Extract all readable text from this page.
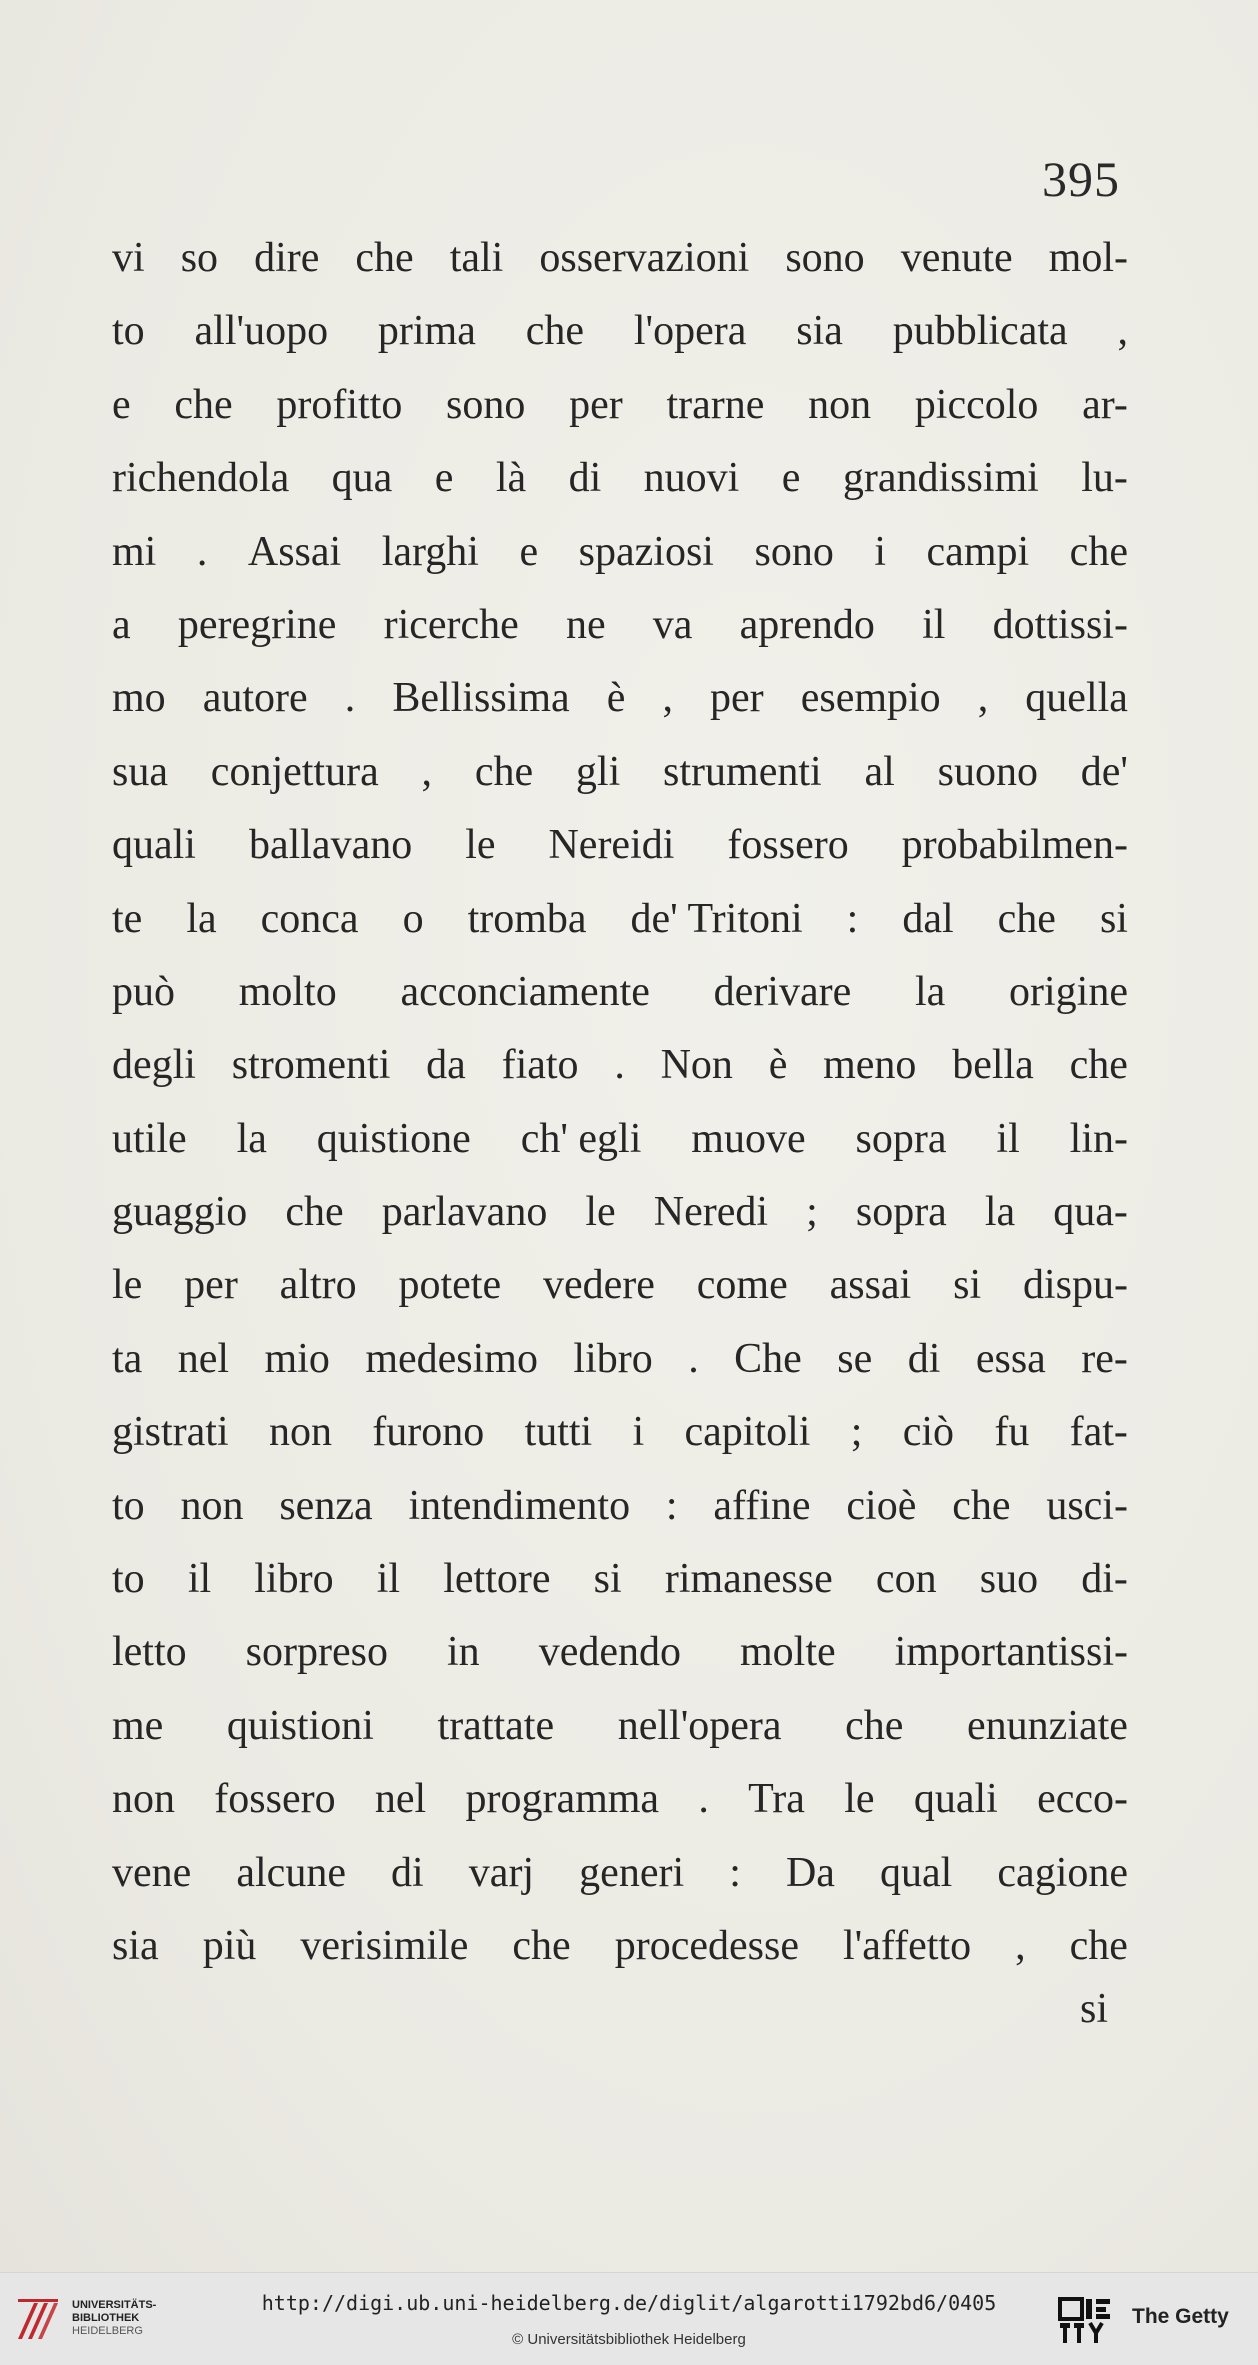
395
vi so dire che tali osservazioni sono venute mol-
to all'uopo prima che l'opera sia pubblicata ,
e che profitto sono per trarne non piccolo ar-
richendola qua e là di nuovi e grandissimi lu-
mi . Assai larghi e spaziosi sono i campi che
a peregrine ricerche ne va aprendo il dottissi-
mo autore . Bellissima è , per esempio , quella
sua conjettura , che gli strumenti al suono de'
quali ballavano le Nereidi fossero probabilmen-
te la conca o tromba de' Tritoni : dal che si
può molto acconciamente derivare la origine
degli stromenti da fiato . Non è meno bella che
utile la quistione ch' egli muove sopra il lin-
guaggio che parlavano le Neredi ; sopra la qua-
le per altro potete vedere come assai si dispu-
ta nel mio medesimo libro . Che se di essa re-
gistrati non furono tutti i capitoli ; ciò fu fat-
to non senza intendimento : affine cioè che usci-
to il libro il lettore si rimanesse con suo di-
letto sorpreso in vedendo molte importantissi-
me quistioni trattate nell'opera che enunziate
non fossero nel programma . Tra le quali ecco-
vene alcune di varj generi : Da qual cagione
sia più verisimile che procedesse l'affetto , che
si
UNIVERSITÄTS-
BIBLIOTHEK
HEIDELBERG
http://digi.ub.uni-heidelberg.de/diglit/algarotti1792bd6/0405
© Universitätsbibliothek Heidelberg
The Getty
